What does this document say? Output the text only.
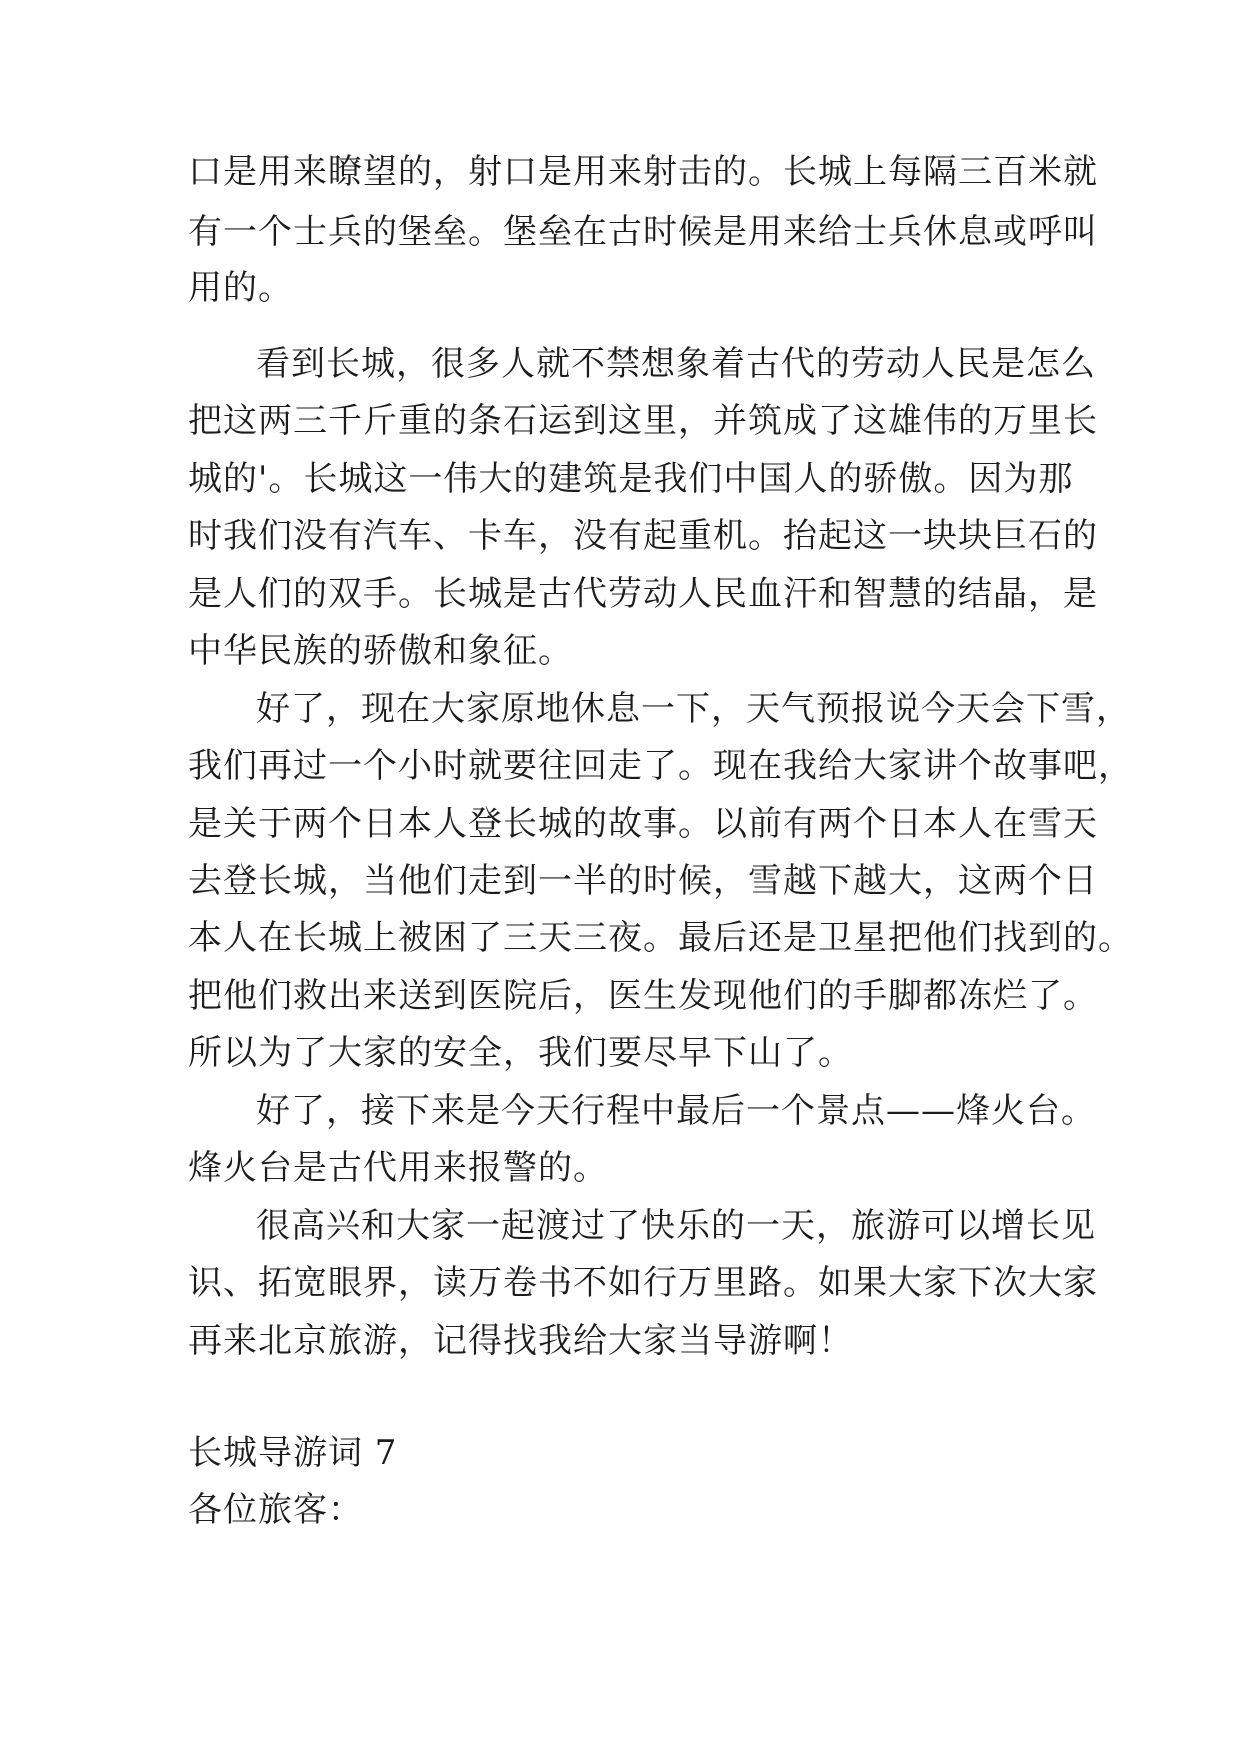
口是用来瞭望的，射口是用来射击的。长城上每隔三百米就
有一个士兵的堡垒。堡垒在古时候是用来给士兵休息或呼叫
用的。
看到长城，很多人就不禁想象着古代的劳动人民是怎么
把这两三千斤重的条石运到这里，并筑成了这雄伟的万里长
城的'。长城这一伟大的建筑是我们中国人的骄傲。因为那
时我们没有汽车、卡车，没有起重机。抬起这一块块巨石的
是人们的双手。长城是古代劳动人民血汗和智慧的结晶，是
中华民族的骄傲和象征。
好了，现在大家原地休息一下，天气预报说今天会下雪，
我们再过一个小时就要往回走了。现在我给大家讲个故事吧，
是关于两个日本人登长城的故事。以前有两个日本人在雪天
去登长城，当他们走到一半的时候，雪越下越大，这两个日
本人在长城上被困了三天三夜。最后还是卫星把他们找到的。
把他们救出来送到医院后，医生发现他们的手脚都冻烂了。
所以为了大家的安全，我们要尽早下山了。
好了，接下来是今天行程中最后一个景点——烽火台。
烽火台是古代用来报警的。
很高兴和大家一起渡过了快乐的一天，旅游可以增长见
识、拓宽眼界，读万卷书不如行万里路。如果大家下次大家
再来北京旅游，记得找我给大家当导游啊！
长城导游词 7
各位旅客：
